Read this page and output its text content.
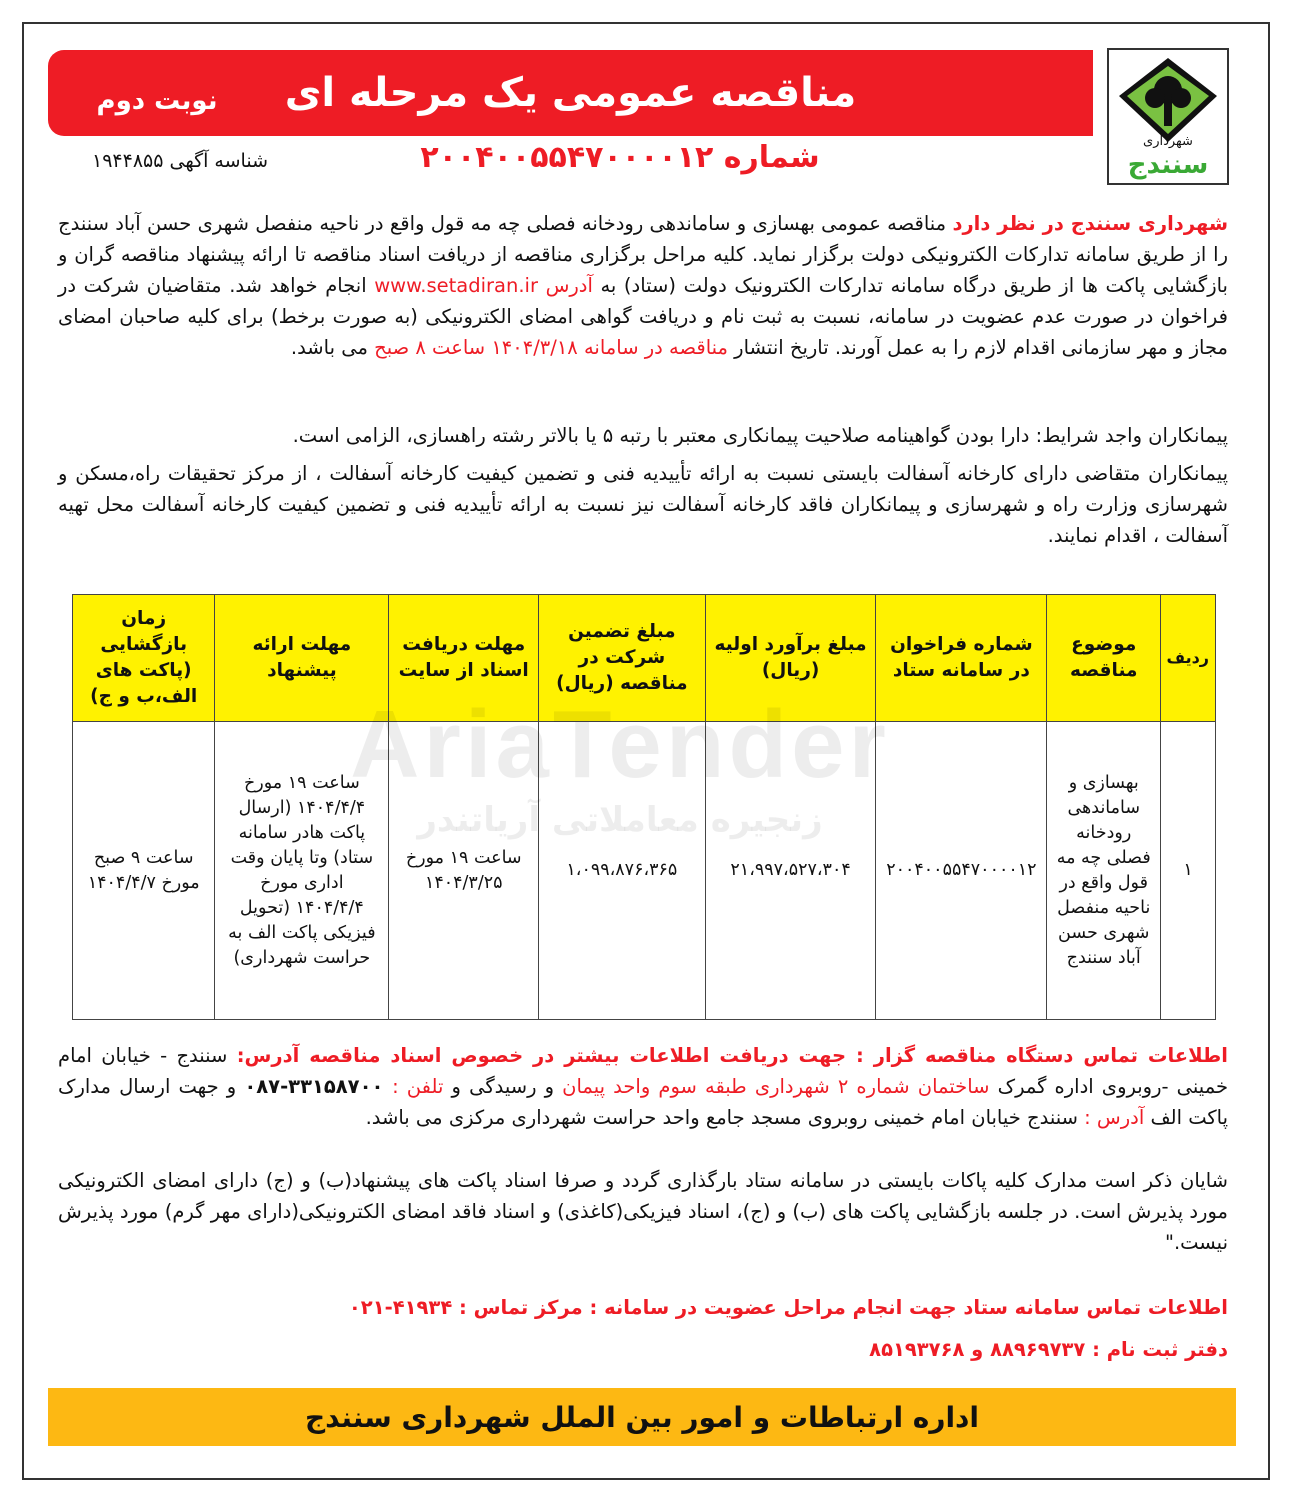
مناقصه عمومی یک مرحله ای
نوبت دوم
شهرداری
سنندج
شماره ۲۰۰۴۰۰۵۵۴۷۰۰۰۰۱۲
شناسه آگهی ۱۹۴۴۸۵۵
شهرداری سنندج در نظر دارد مناقصه عمومی بهسازی و ساماندهی رودخانه فصلی چه مه قول واقع در ناحیه منفصل شهری حسن آباد سنندج را از طریق سامانه تدارکات الکترونیکی دولت برگزار نماید. کلیه مراحل برگزاری مناقصه از دریافت اسناد مناقصه تا ارائه پیشنهاد مناقصه گران و بازگشایی پاکت ها از طریق درگاه سامانه تدارکات الکترونیک دولت (ستاد) به آدرس www.setadiran.ir انجام خواهد شد. متقاضیان شرکت در فراخوان در صورت عدم عضویت در سامانه، نسبت به ثبت نام و دریافت گواهی امضای الکترونیکی (به صورت برخط) برای کلیه صاحبان امضای مجاز و مهر سازمانی اقدام لازم را به عمل آورند. تاریخ انتشار مناقصه در سامانه ۱۴۰۴/۳/۱۸ ساعت ۸ صبح می باشد.
پیمانکاران واجد شرایط: دارا بودن گواهینامه صلاحیت پیمانکاری معتبر با رتبه ۵ یا بالاتر رشته راهسازی، الزامی است.
پیمانکاران متقاضی دارای کارخانه آسفالت بایستی نسبت به ارائه تأییدیه فنی و تضمین کیفیت کارخانه آسفالت ، از مرکز تحقیقات راه،مسکن و شهرسازی وزارت راه و شهرسازی و پیمانکاران فاقد کارخانه آسفالت نیز نسبت به ارائه تأییدیه فنی و تضمین کیفیت کارخانه آسفالت محل تهیه آسفالت ، اقدام نمایند.
ردیف	موضوع مناقصه	شماره فراخوان در سامانه ستاد	مبلغ برآورد اولیه (ریال)	مبلغ تضمین شرکت در مناقصه (ریال)	مهلت دریافت اسناد از سایت	مهلت ارائه پیشنهاد	زمان بازگشایی (پاکت های الف،ب و ج)
۱	بهسازی و ساماندهی رودخانه فصلی چه مه قول واقع در ناحیه منفصل شهری حسن آباد سنندج	۲۰۰۴۰۰۵۵۴۷۰۰۰۰۱۲	۲۱،۹۹۷،۵۲۷،۳۰۴	۱،۰۹۹،۸۷۶،۳۶۵	ساعت ۱۹ مورخ ۱۴۰۴/۳/۲۵	ساعت ۱۹ مورخ ۱۴۰۴/۴/۴ (ارسال پاکت هادر سامانه ستاد) وتا پایان وقت اداری مورخ ۱۴۰۴/۴/۴ (تحویل فیزیکی پاکت الف به حراست شهرداری)	ساعت ۹ صبح مورخ ۱۴۰۴/۴/۷
اطلاعات تماس دستگاه مناقصه گزار : جهت دریافت اطلاعات بیشتر در خصوص اسناد مناقصه آدرس: سنندج - خیابان امام خمینی -روبروی اداره گمرک ساختمان شماره ۲ شهرداری طبقه سوم واحد پیمان و رسیدگی و تلفن : ۳۳۱۵۸۷۰۰-۰۸۷ و جهت ارسال مدارک پاکت الف آدرس : سنندج خیابان امام خمینی روبروی مسجد جامع واحد حراست شهرداری مرکزی می باشد.
شایان ذکر است مدارک کلیه پاکات بایستی در سامانه ستاد بارگذاری گردد و صرفا اسناد پاکت های پیشنهاد(ب) و (ج) دارای امضای الکترونیکی مورد پذیرش است. در جلسه بازگشایی پاکت های (ب) و (ج)، اسناد فیزیکی(کاغذی) و اسناد فاقد امضای الکترونیکی(دارای مهر گرم) مورد پذیرش نیست."
اطلاعات تماس سامانه ستاد جهت انجام مراحل عضویت در سامانه : مرکز تماس : ۴۱۹۳۴-۰۲۱
دفتر ثبت نام : ۸۸۹۶۹۷۳۷ و ۸۵۱۹۳۷۶۸
اداره ارتباطات و امور بین الملل شهرداری سنندج
